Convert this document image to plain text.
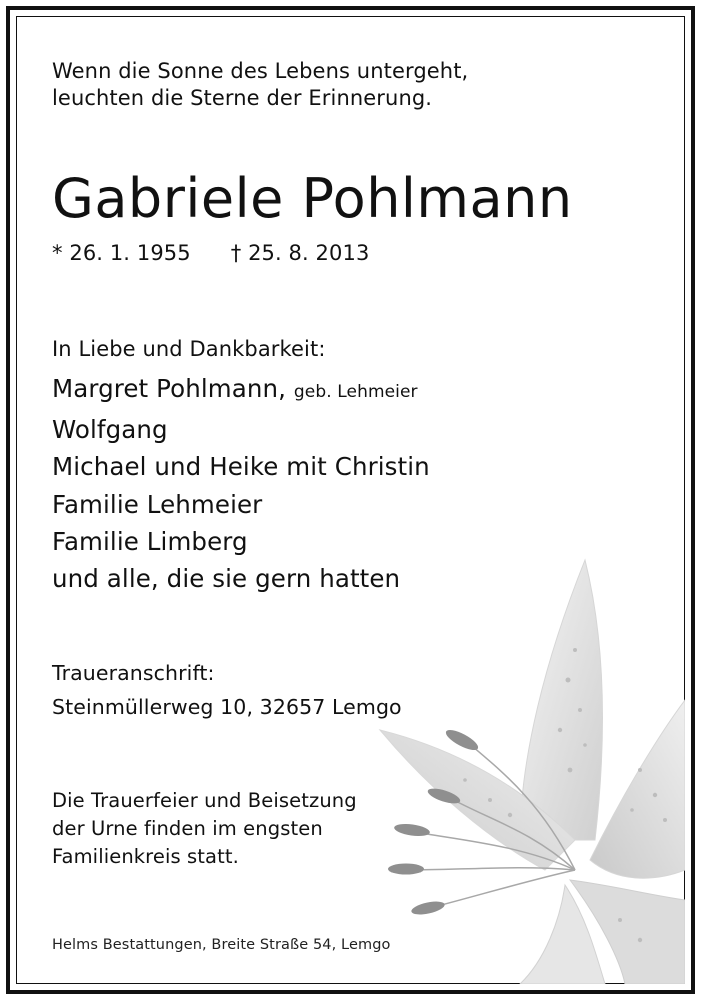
Wenn die Sonne des Lebens untergeht,
leuchten die Sterne der Erinnerung.
Gabriele Pohlmann
* 26. 1. 1955 † 25. 8. 2013
In Liebe und Dankbarkeit:
Margret Pohlmann, geb. Lehmeier
Wolfgang
Michael und Heike mit Christin
Familie Lehmeier
Familie Limberg
und alle, die sie gern hatten
Traueranschrift:
Steinmüllerweg 10, 32657 Lemgo
Die Trauerfeier und Beisetzung
der Urne finden im engsten
Familienkreis statt.
Helms Bestattungen, Breite Straße 54, Lemgo
